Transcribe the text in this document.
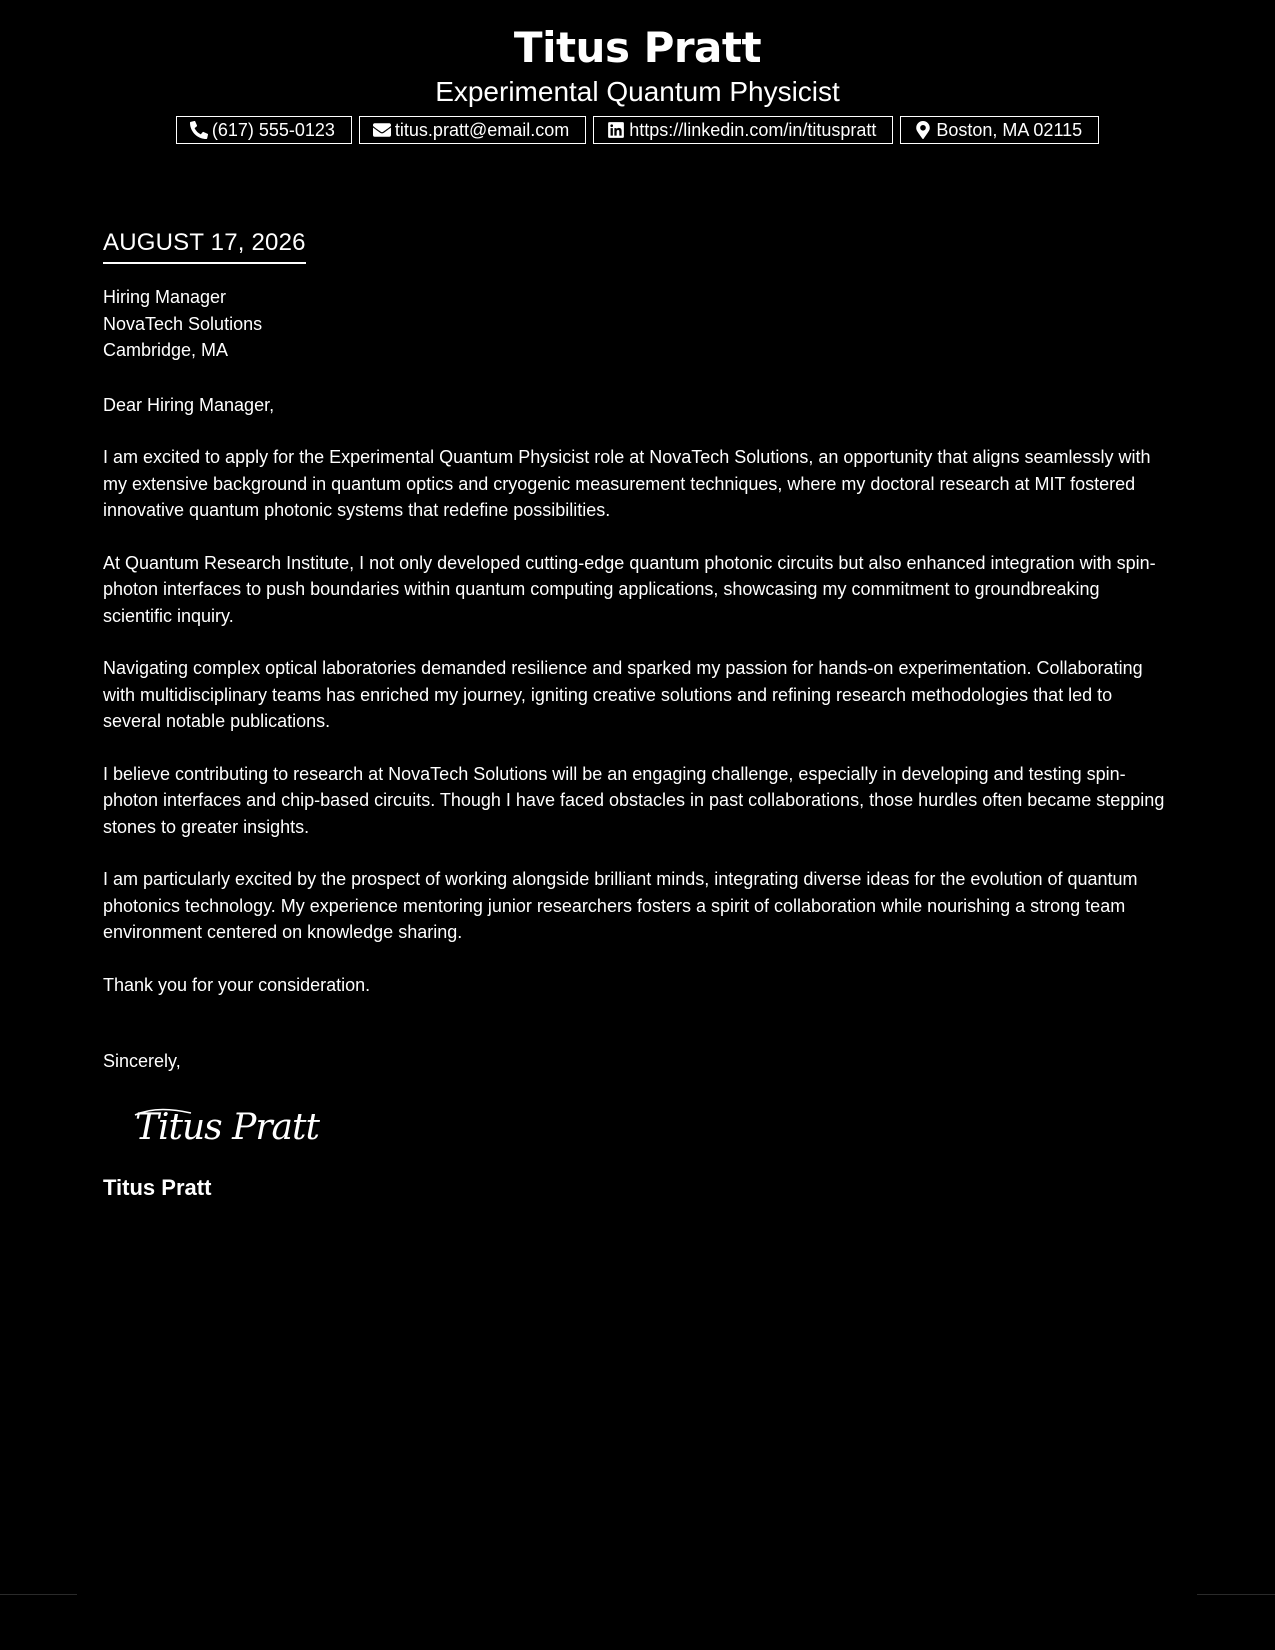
Titus Pratt
Experimental Quantum Physicist
(617) 555-0123	titus.pratt@email.com	https://linkedin.com/in/tituspratt	Boston, MA 02115
AUGUST 17, 2026
Hiring Manager
NovaTech Solutions
Cambridge, MA
Dear Hiring Manager,

I am excited to apply for the Experimental Quantum Physicist role at NovaTech Solutions, an opportunity that aligns seamlessly with my extensive background in quantum optics and cryogenic measurement techniques, where my doctoral research at MIT fostered innovative quantum photonic systems that redefine possibilities.

At Quantum Research Institute, I not only developed cutting-edge quantum photonic circuits but also enhanced integration with spin-photon interfaces to push boundaries within quantum computing applications, showcasing my commitment to groundbreaking scientific inquiry.

Navigating complex optical laboratories demanded resilience and sparked my passion for hands-on experimentation. Collaborating with multidisciplinary teams has enriched my journey, igniting creative solutions and refining research methodologies that led to several notable publications.

I believe contributing to research at NovaTech Solutions will be an engaging challenge, especially in developing and testing spin-photon interfaces and chip-based circuits. Though I have faced obstacles in past collaborations, those hurdles often became stepping stones to greater insights.

I am particularly excited by the prospect of working alongside brilliant minds, integrating diverse ideas for the evolution of quantum photonics technology. My experience mentoring junior researchers fosters a spirit of collaboration while nourishing a strong team environment centered on knowledge sharing.

Thank you for your consideration.

Sincerely,
Titus Pratt
Titus Pratt
